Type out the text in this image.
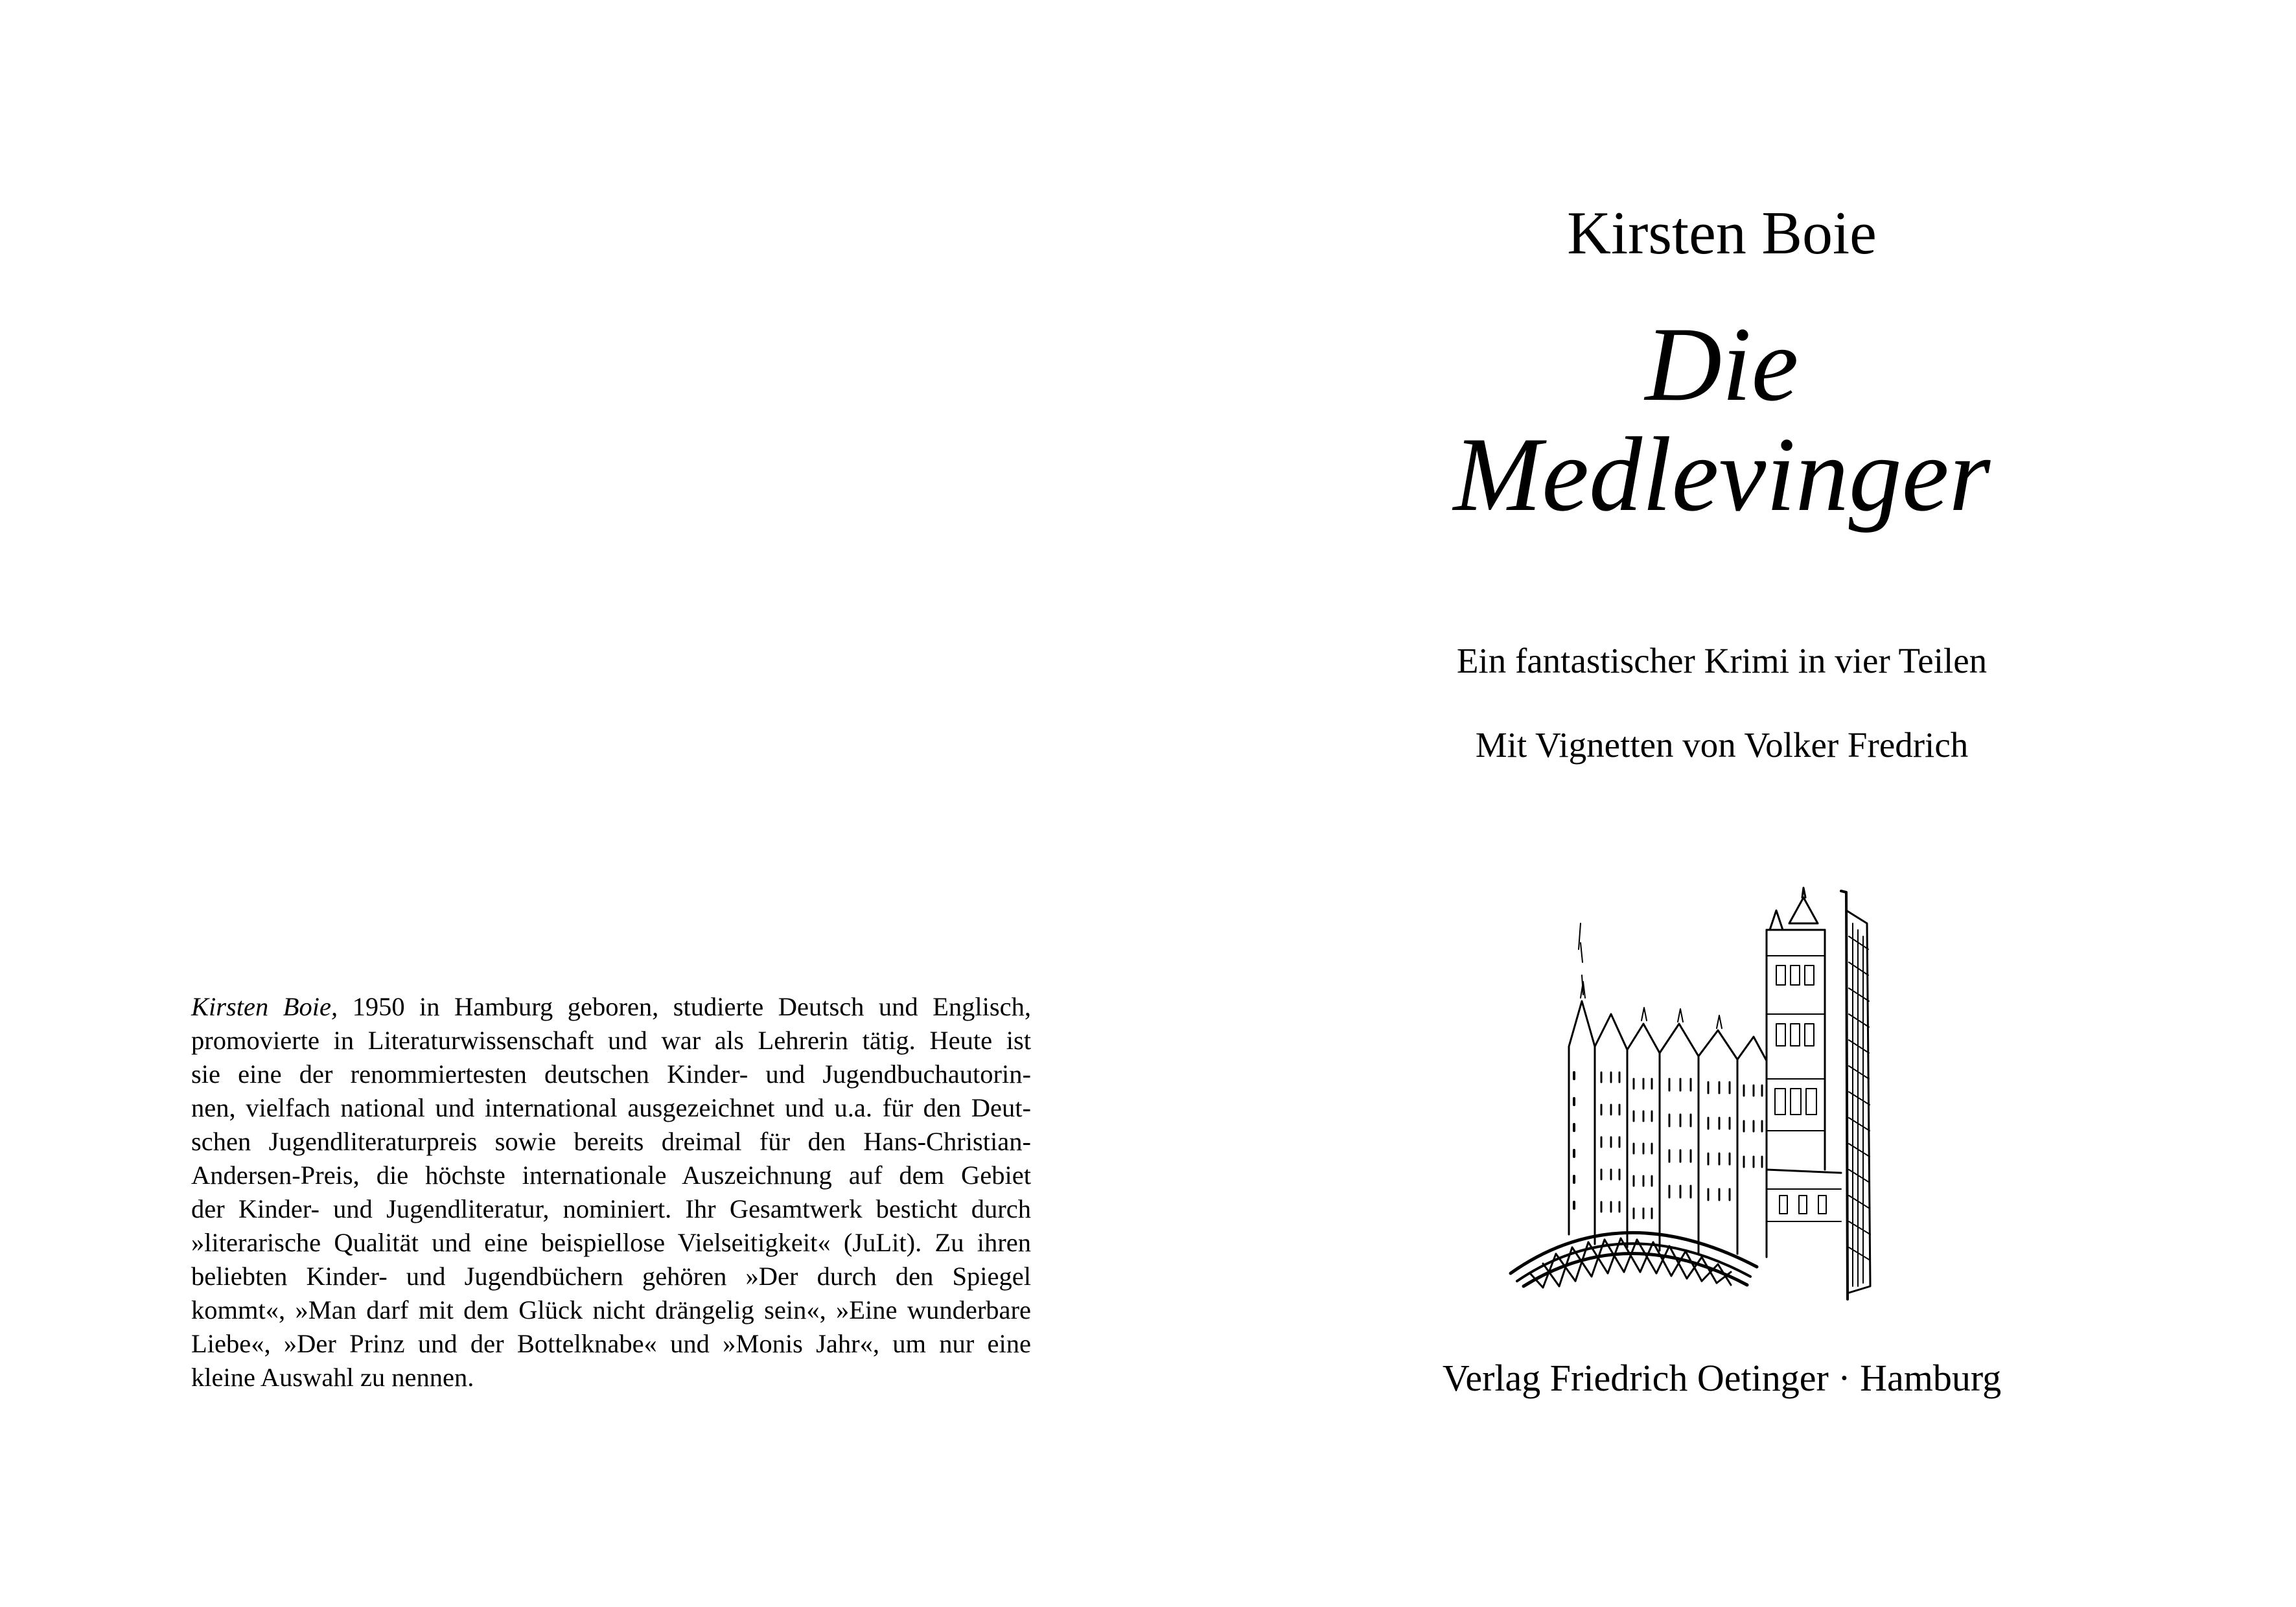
Kirsten Boie, 1950 in Hamburg geboren, studierte Deutsch und Englisch,
promovierte in Literaturwissenschaft und war als Lehrerin tätig. Heute ist
sie eine der renommiertesten deutschen Kinder- und Jugendbuchautorin-
nen, vielfach national und international ausgezeichnet und u.a. für den Deut-
schen Jugendliteraturpreis sowie bereits dreimal für den Hans-Christian-
Andersen-Preis, die höchste internationale Auszeichnung auf dem Gebiet
der Kinder- und Jugendliteratur, nominiert. Ihr Gesamtwerk besticht durch
»literarische Qualität und eine beispiellose Vielseitigkeit« (JuLit). Zu ihren
beliebten Kinder- und Jugendbüchern gehören »Der durch den Spiegel
kommt«, »Man darf mit dem Glück nicht drängelig sein«, »Eine wunderbare
Liebe«, »Der Prinz und der Bottelknabe« und »Monis Jahr«, um nur eine
kleine Auswahl zu nennen.
Kirsten Boie
Die
Medlevinger
Ein fantastischer Krimi in vier Teilen
Mit Vignetten von Volker Fredrich
Verlag Friedrich Oetinger · Hamburg
